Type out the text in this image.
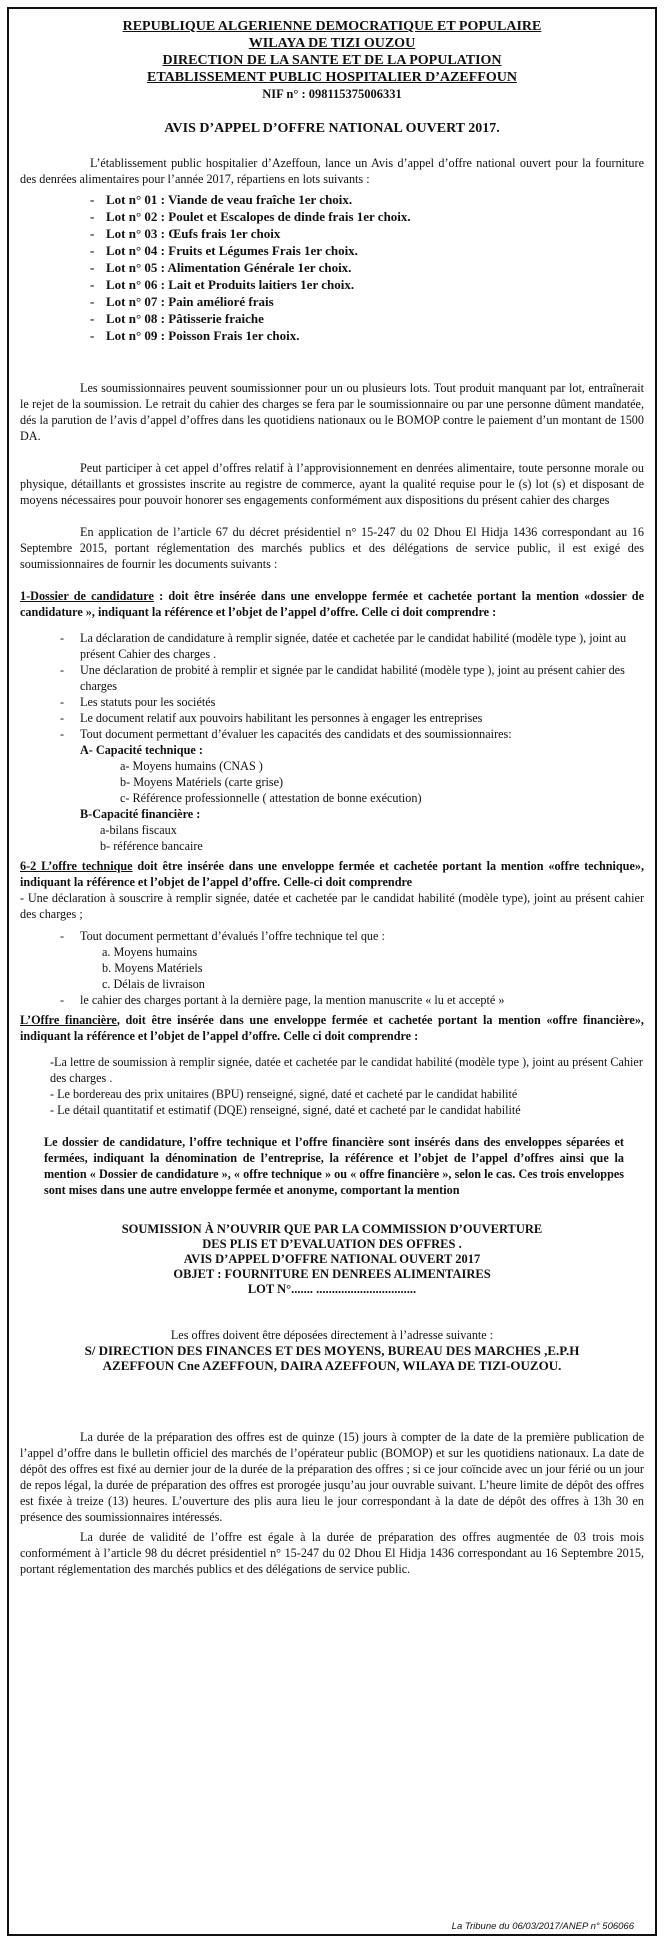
REPUBLIQUE ALGERIENNE DEMOCRATIQUE ET POPULAIRE

WILAYA DE TIZI OUZOU

DIRECTION DE LA SANTE ET DE LA POPULATION

ETABLISSEMENT PUBLIC HOSPITALIER D’AZEFFOUN

NIF n° : 098115375006331

AVIS D’APPEL D’OFFRE NATIONAL OUVERT 2017.

L’établissement public hospitalier d’Azeffoun, lance un Avis d’appel d’offre national ouvert pour la fourniture des denrées alimentaires pour l’année 2017, répartiens en lots suivants :

- Lot n° 01 : Viande de veau fraîche 1er choix.
- Lot n° 02 : Poulet et Escalopes de dinde frais 1er choix.
- Lot n° 03 : Œufs frais 1er choix
- Lot n° 04 : Fruits et Légumes Frais 1er choix.
- Lot n° 05 : Alimentation Générale 1er choix.
- Lot n° 06 : Lait et Produits laitiers 1er choix.
- Lot n° 07 : Pain amélioré frais
- Lot n° 08 : Pâtisserie fraiche
- Lot n° 09 : Poisson Frais 1er choix.

Les soumissionnaires peuvent soumissionner pour un ou plusieurs lots. Tout produit manquant par lot, entraînerait le rejet de la soumission. Le retrait du cahier des charges se fera par le soumissionnaire ou par une personne dûment mandatée, dés la parution de l’avis d’appel d’offres dans les quotidiens nationaux ou le BOMOP contre le paiement d’un montant de 1500 DA.

Peut participer à cet appel d’offres relatif à l’approvisionnement en denrées alimentaire, toute personne morale ou physique, détaillants et grossistes inscrite au registre de commerce, ayant la qualité requise pour le (s) lot (s) et disposant de moyens nécessaires pour pouvoir honorer ses engagements conformément aux dispositions du présent cahier des charges

En application de l’article 67 du décret présidentiel n° 15-247 du 02 Dhou El Hidja 1436 correspondant au 16 Septembre 2015, portant réglementation des marchés publics et des délégations de service public, il est exigé des soumissionnaires de fournir les documents suivants :

1-Dossier de candidature : doit être insérée dans une enveloppe fermée et cachetée portant la mention «dossier de candidature », indiquant la référence et l’objet de l’appel d’offre. Celle ci doit comprendre :

- La déclaration de candidature à remplir signée, datée et cachetée par le candidat habilité (modèle type ), joint au présent Cahier des charges .
- Une déclaration de probité à remplir et signée par le candidat habilité (modèle type ), joint au présent cahier des charges
- Les statuts pour les sociétés
- Le document relatif aux pouvoirs habilitant les personnes à engager les entreprises
- Tout document permettant d’évaluer les capacités des candidats et des soumissionnaires:

A- Capacité technique :

a- Moyens humains (CNAS )

b- Moyens Matériels (carte grise)

c- Référence professionnelle ( attestation de bonne exécution)

B-Capacité financière :

a-bilans fiscaux

b- référence bancaire

6-2 L’offre technique doit être insérée dans une enveloppe fermée et cachetée portant la mention «offre technique», indiquant la référence et l’objet de l’appel d’offre. Celle-ci doit comprendre

- Une déclaration à souscrire à remplir signée, datée et cachetée par le candidat habilité (modèle type), joint au présent cahier des charges ;

- Tout document permettant d’évalués l’offre technique tel que :

a. Moyens humains

b. Moyens Matériels

c. Délais de livraison

- le cahier des charges portant à la dernière page, la mention manuscrite « lu et accepté »

L’Offre financière, doit être insérée dans une enveloppe fermée et cachetée portant la mention «offre financière», indiquant la référence et l’objet de l’appel d’offre. Celle ci doit comprendre :

-La lettre de soumission à remplir signée, datée et cachetée par le candidat habilité (modèle type ), joint au présent Cahier des charges .

- Le bordereau des prix unitaires (BPU) renseigné, signé, daté et cacheté par le candidat habilité

- Le détail quantitatif et estimatif (DQE) renseigné, signé, daté et cacheté par le candidat habilité

Le dossier de candidature, l’offre technique et l’offre financière sont insérés dans des enveloppes séparées et fermées, indiquant la dénomination de l’entreprise, la référence et l’objet de l’appel d’offres ainsi que la mention « Dossier de candidature », « offre technique » ou « offre financière », selon le cas. Ces trois enveloppes sont mises dans une autre enveloppe fermée et anonyme, comportant la mention

SOUMISSION À N’OUVRIR QUE PAR LA COMMISSION D’OUVERTURE

DES PLIS ET D’EVALUATION DES OFFRES .

AVIS D’APPEL D’OFFRE NATIONAL OUVERT 2017

OBJET : FOURNITURE EN DENREES ALIMENTAIRES

LOT N°....... ................................

Les offres doivent être déposées directement à l’adresse suivante :

S/ DIRECTION DES FINANCES ET DES MOYENS, BUREAU DES MARCHES ,E.P.H

AZEFFOUN Cne AZEFFOUN, DAIRA AZEFFOUN, WILAYA DE TIZI-OUZOU.

La durée de la préparation des offres est de quinze (15) jours à compter de la date de la première publication de l’appel d’offre dans le bulletin officiel des marchés de l’opérateur public (BOMOP) et sur les quotidiens nationaux. La date de dépôt des offres est fixé au dernier jour de la durée de la préparation des offres ; si ce jour coïncide avec un jour férié ou un jour de repos légal, la durée de préparation des offres est prorogée jusqu’au jour ouvrable suivant. L’heure limite de dépôt des offres est fixée à treize (13) heures. L’ouverture des plis aura lieu le jour correspondant à la date de dépôt des offres à 13h 30 en présence des soumissionnaires intéressés.

La durée de validité de l’offre est égale à la durée de préparation des offres augmentée de 03 trois mois conformément à l’article 98 du décret présidentiel n° 15-247 du 02 Dhou El Hidja 1436 correspondant au 16 Septembre 2015, portant réglementation des marchés publics et des délégations de service public.

La Tribune du 06/03/2017/ANEP n° 506066
